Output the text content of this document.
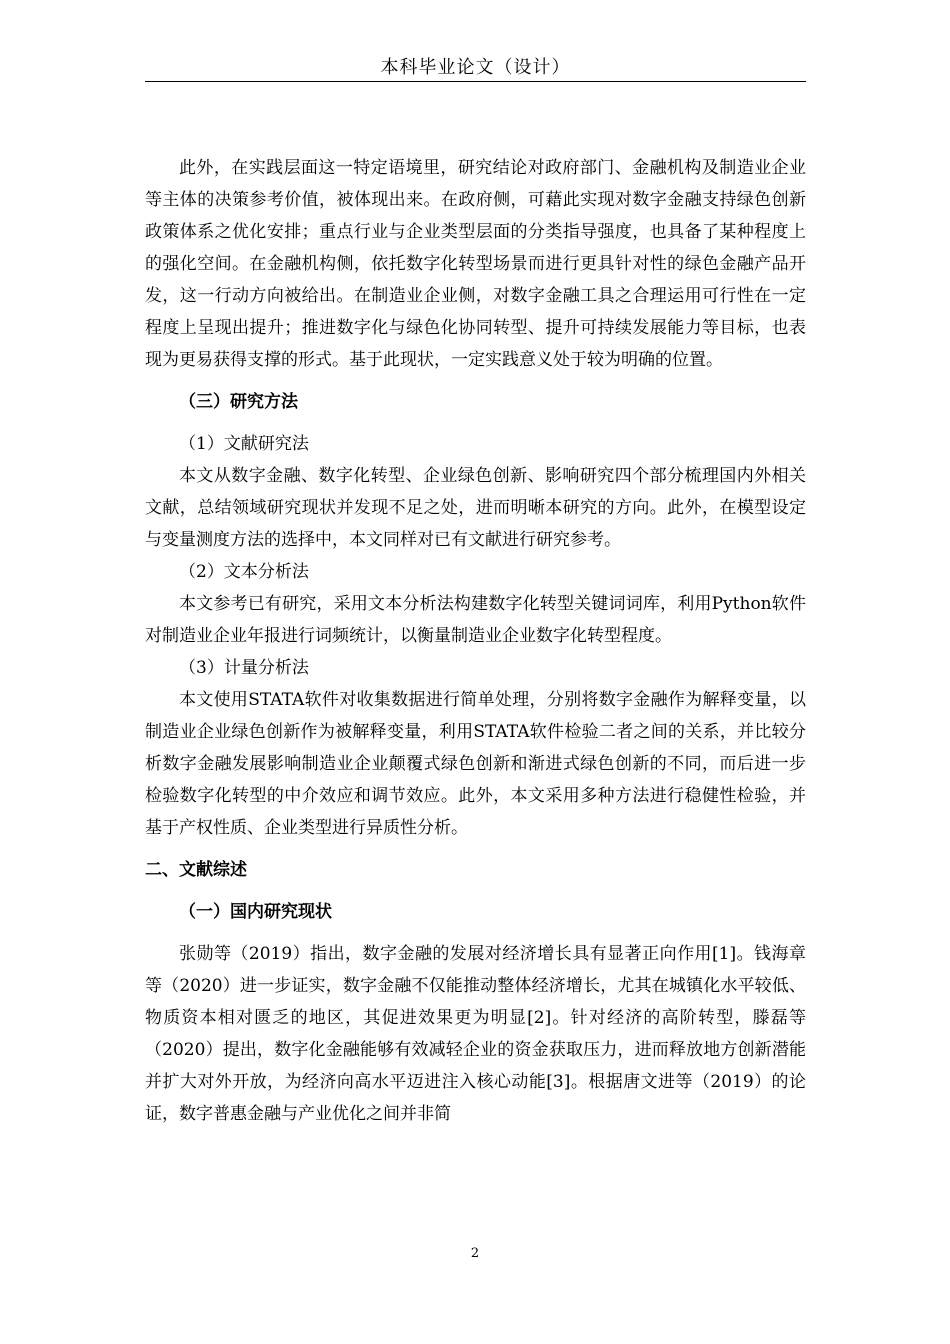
本科毕业论文（设计）

此外，在实践层面这一特定语境里，研究结论对政府部门、金融机构及制造业企业等主体的决策参考价值，被体现出来。在政府侧，可藉此实现对数字金融支持绿色创新政策体系之优化安排；重点行业与企业类型层面的分类指导强度，也具备了某种程度上的强化空间。在金融机构侧，依托数字化转型场景而进行更具针对性的绿色金融产品开发，这一行动方向被给出。在制造业企业侧，对数字金融工具之合理运用可行性在一定程度上呈现出提升；推进数字化与绿色化协同转型、提升可持续发展能力等目标，也表现为更易获得支撑的形式。基于此现状，一定实践意义处于较为明确的位置。

（三）研究方法
（1）文献研究法

本文从数字金融、数字化转型、企业绿色创新、影响研究四个部分梳理国内外相关文献，总结领域研究现状并发现不足之处，进而明晰本研究的方向。此外，在模型设定与变量测度方法的选择中，本文同样对已有文献进行研究参考。

（2）文本分析法

本文参考已有研究，采用文本分析法构建数字化转型关键词词库，利用Python软件对制造业企业年报进行词频统计，以衡量制造业企业数字化转型程度。

（3）计量分析法

本文使用STATA软件对收集数据进行简单处理，分别将数字金融作为解释变量，以制造业企业绿色创新作为被解释变量，利用STATA软件检验二者之间的关系，并比较分析数字金融发展影响制造业企业颠覆式绿色创新和渐进式绿色创新的不同，而后进一步检验数字化转型的中介效应和调节效应。此外，本文采用多种方法进行稳健性检验，并基于产权性质、企业类型进行异质性分析。

二、文献综述
（一）国内研究现状

张勋等（2019）指出，数字金融的发展对经济增长具有显著正向作用[1]。钱海章等（2020）进一步证实，数字金融不仅能推动整体经济增长，尤其在城镇化水平较低、物质资本相对匮乏的地区，其促进效果更为明显[2]。针对经济的高阶转型，滕磊等（2020）提出，数字化金融能够有效减轻企业的资金获取压力，进而释放地方创新潜能并扩大对外开放，为经济向高水平迈进注入核心动能[3]。根据唐文进等（2019）的论证，数字普惠金融与产业优化之间并非简

2
